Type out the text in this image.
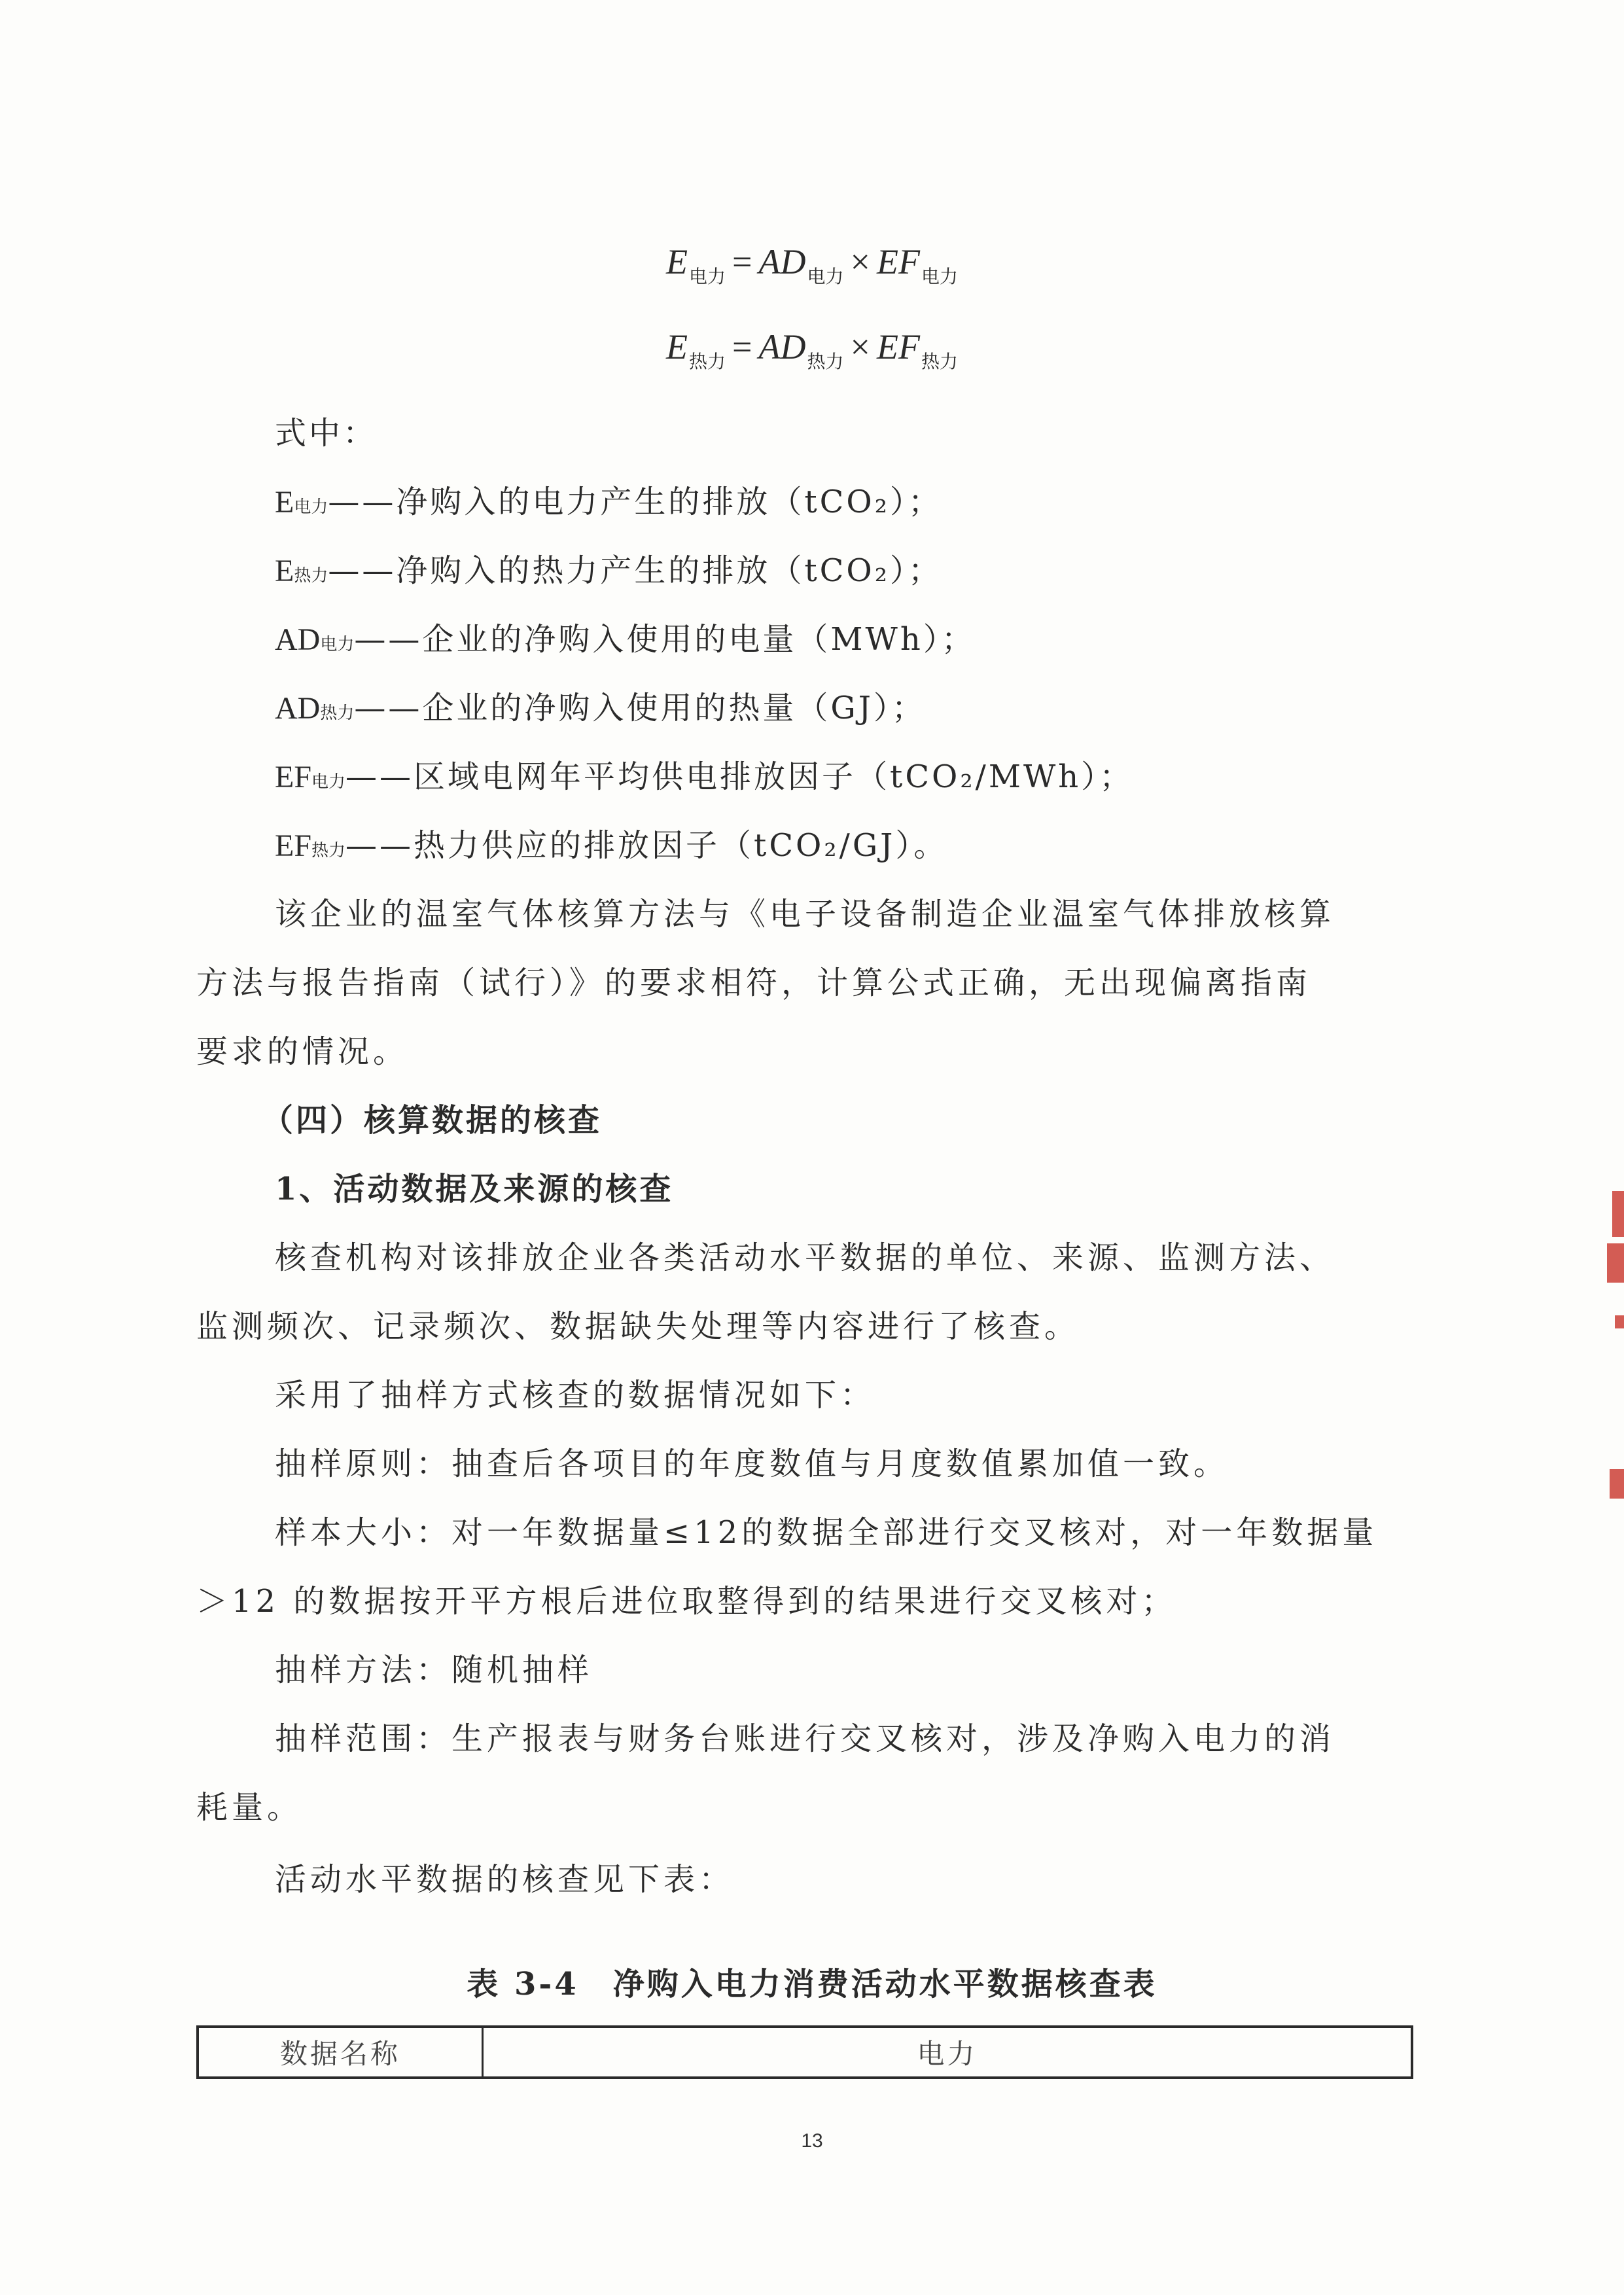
$E_{电力} = AD_{电力} \times EF_{电力}$
$E_{热力} = AD_{热力} \times EF_{热力}$
式中：
E电力——净购入的电力产生的排放（tCO₂）；
E热力——净购入的热力产生的排放（tCO₂）；
AD电力——企业的净购入使用的电量（MWh）；
AD热力——企业的净购入使用的热量（GJ）；
EF电力——区域电网年平均供电排放因子（tCO₂/MWh）；
EF热力——热力供应的排放因子（tCO₂/GJ）。
该企业的温室气体核算方法与《电子设备制造企业温室气体排放核算
方法与报告指南（试行）》的要求相符，计算公式正确，无出现偏离指南
要求的情况。
（四）核算数据的核查
1、活动数据及来源的核查
核查机构对该排放企业各类活动水平数据的单位、来源、监测方法、
监测频次、记录频次、数据缺失处理等内容进行了核查。
采用了抽样方式核查的数据情况如下：
抽样原则：抽查后各项目的年度数值与月度数值累加值一致。
样本大小：对一年数据量≤12的数据全部进行交叉核对，对一年数据量
＞12 的数据按开平方根后进位取整得到的结果进行交叉核对；
抽样方法：随机抽样
抽样范围：生产报表与财务台账进行交叉核对，涉及净购入电力的消
耗量。
活动水平数据的核查见下表：
表 3-4　净购入电力消费活动水平数据核查表
数据名称	电力
13
